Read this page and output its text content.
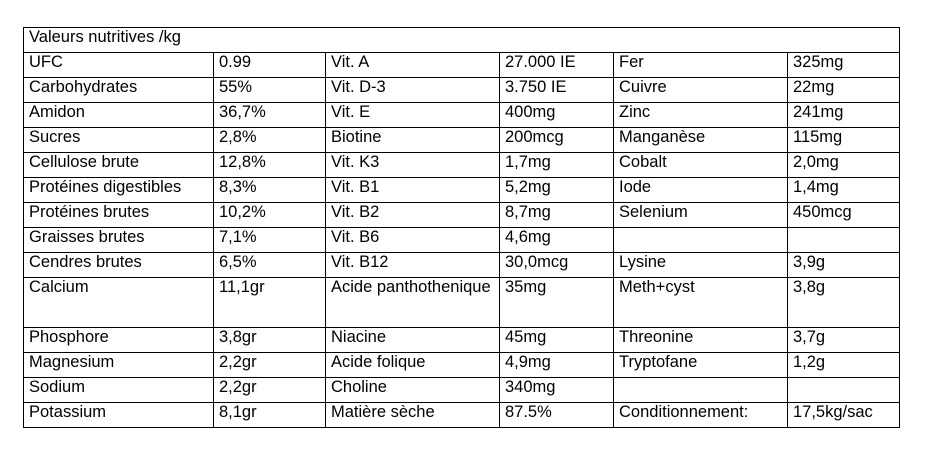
Valeurs nutritives /kg					
UFC	0.99	Vit. A	27.000 IE	Fer	325mg
Carbohydrates	55%	Vit. D-3	3.750 IE	Cuivre	22mg
Amidon	36,7%	Vit. E	400mg	Zinc	241mg
Sucres	2,8%	Biotine	200mcg	Manganèse	115mg
Cellulose brute	12,8%	Vit. K3	1,7mg	Cobalt	2,0mg
Protéines digestibles	8,3%	Vit. B1	5,2mg	Iode	1,4mg
Protéines brutes	10,2%	Vit. B2	8,7mg	Selenium	450mcg
Graisses brutes	7,1%	Vit. B6	4,6mg		
Cendres brutes	6,5%	Vit. B12	30,0mcg	Lysine	3,9g
Calcium	11,1gr	Acide panthothenique	35mg	Meth+cyst	3,8g
Phosphore	3,8gr	Niacine	45mg	Threonine	3,7g
Magnesium	2,2gr	Acide folique	4,9mg	Tryptofane	1,2g
Sodium	2,2gr	Choline	340mg		
Potassium	8,1gr	Matière sèche	87.5%	Conditionnement:	17,5kg/sac
